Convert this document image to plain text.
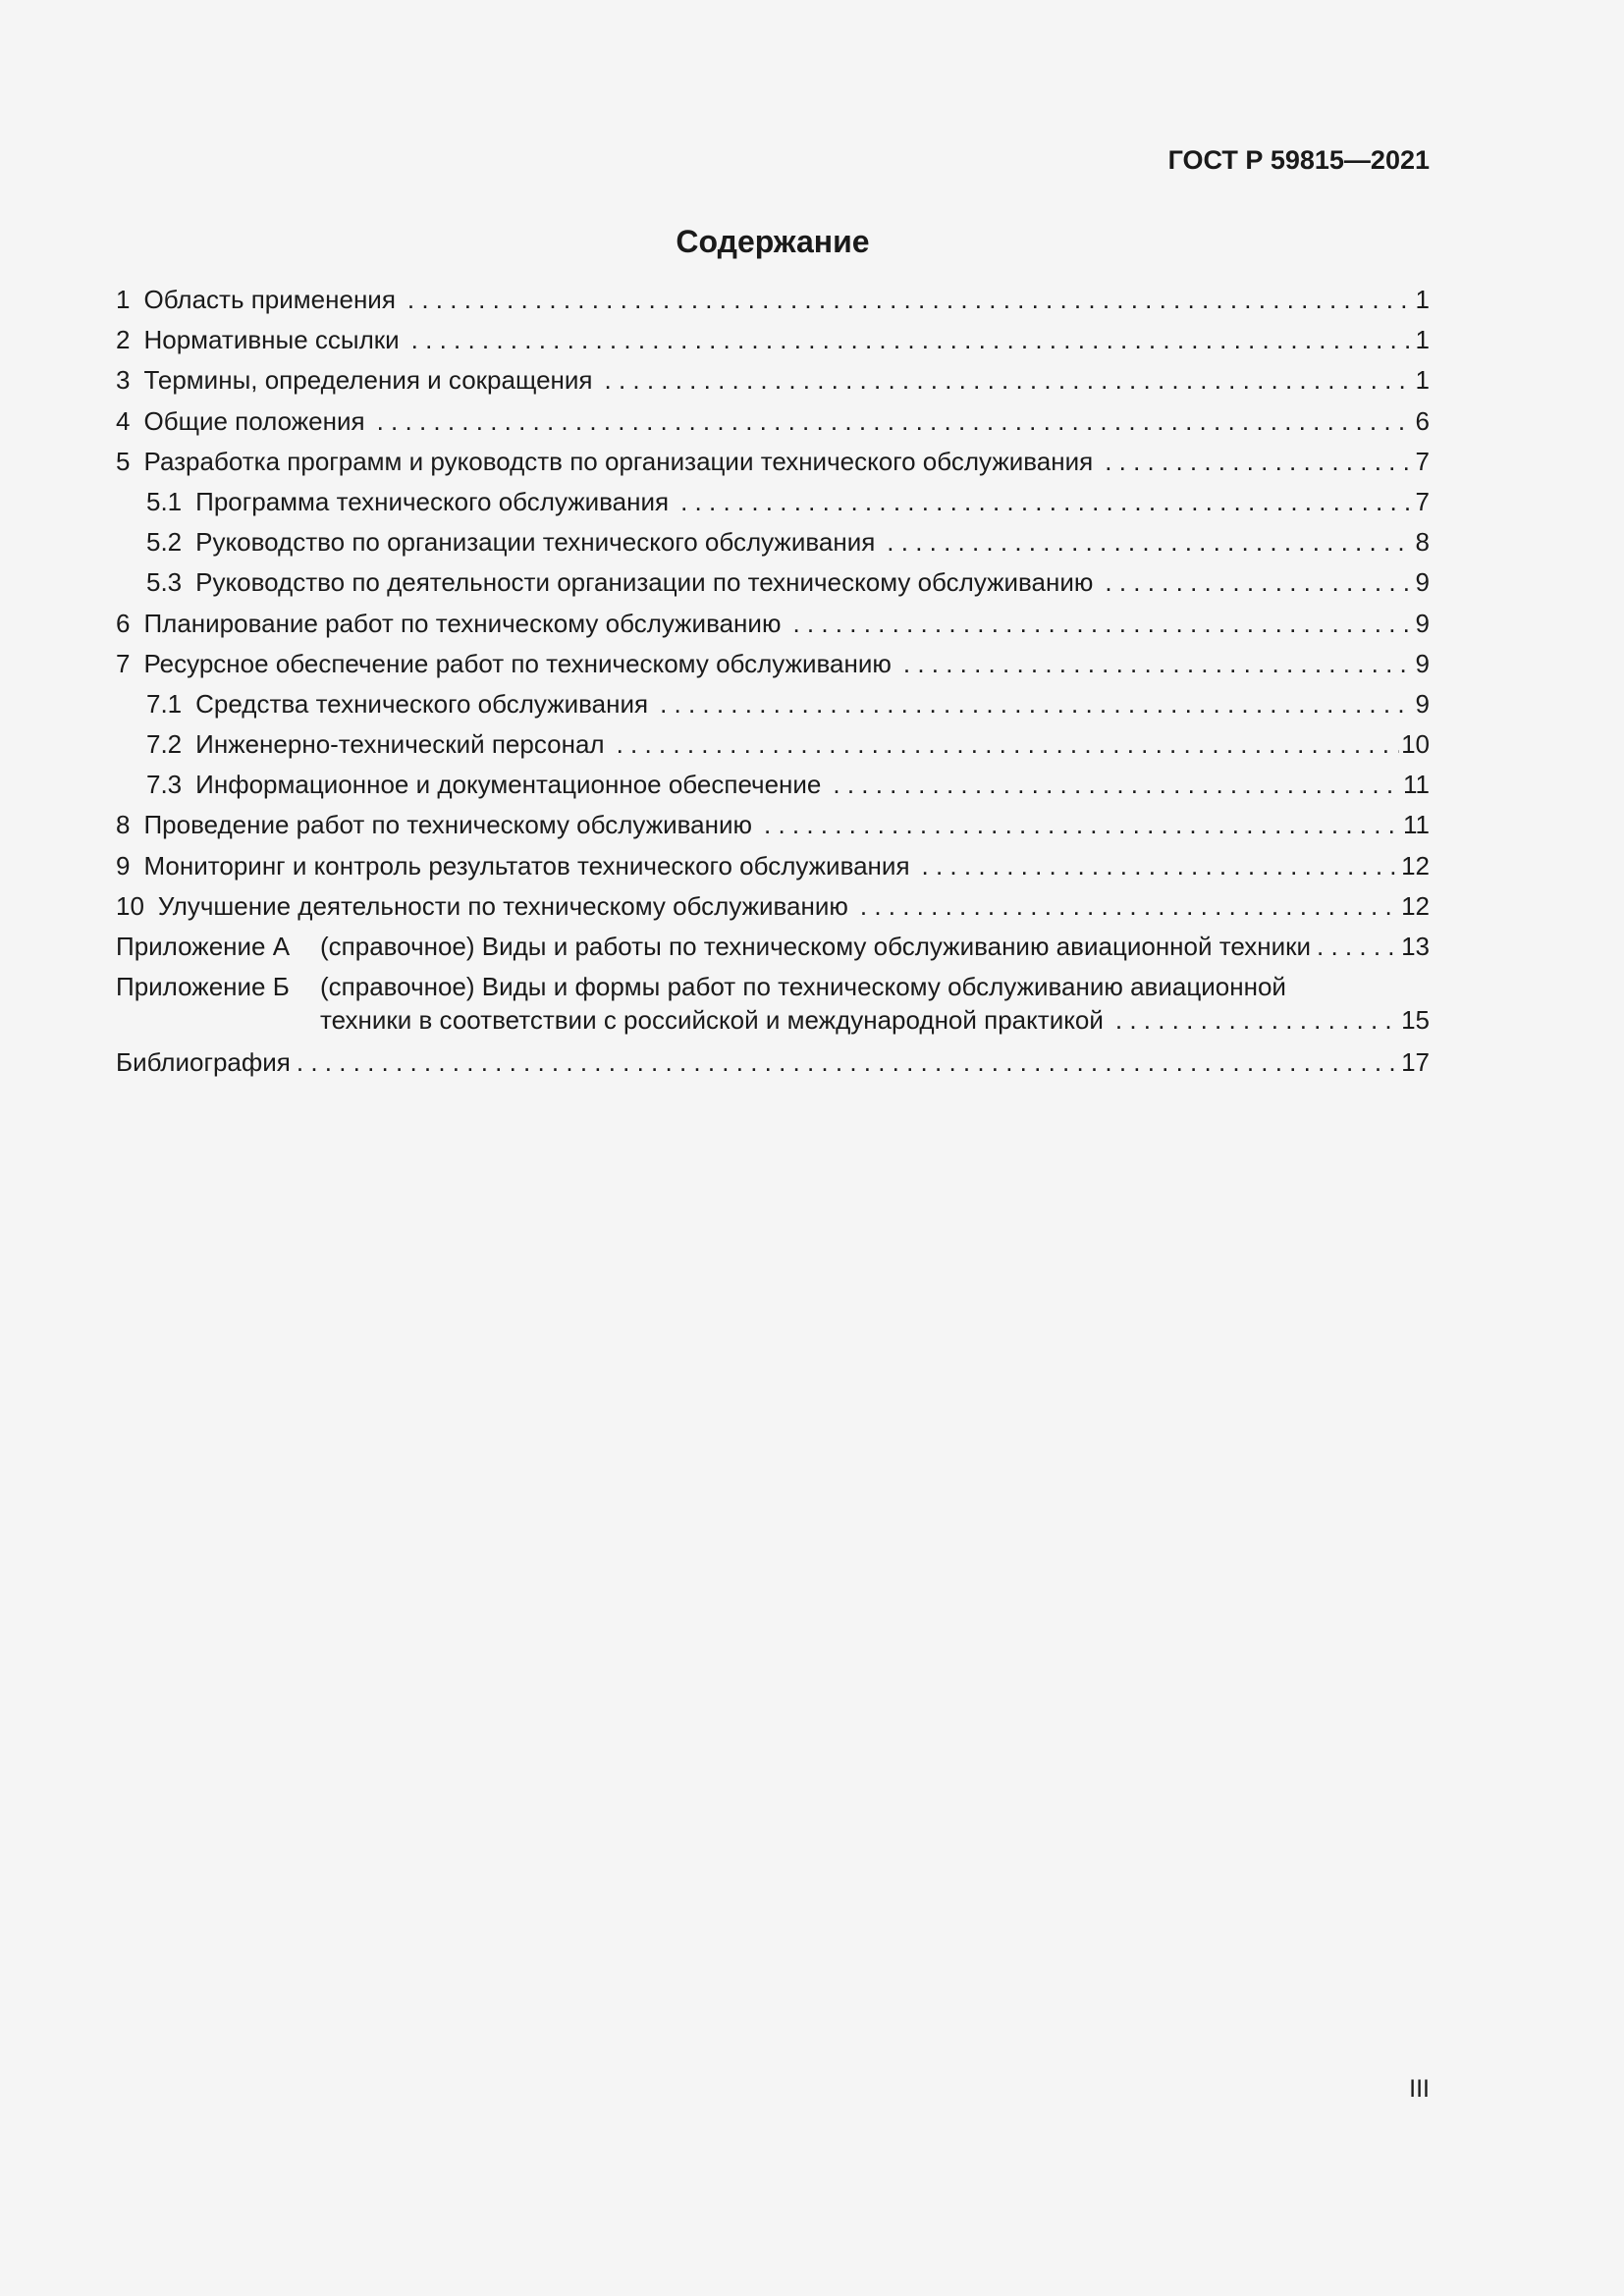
ГОСТ Р 59815—2021
Содержание
1 Область применения . . .	1
2 Нормативные ссылки . . .	1
3 Термины, определения и сокращения . . .	1
4 Общие положения . . .	6
5 Разработка программ и руководств по организации технического обслуживания . . .	7
5.1 Программа технического обслуживания . . .	7
5.2 Руководство по организации технического обслуживания . . .	8
5.3 Руководство по деятельности организации по техническому обслуживанию . . .	9
6 Планирование работ по техническому обслуживанию . . .	9
7 Ресурсное обеспечение работ по техническому обслуживанию . . .	9
7.1 Средства технического обслуживания . . .	9
7.2 Инженерно-технический персонал . . .	10
7.3 Информационное и документационное обеспечение . . .	11
8 Проведение работ по техническому обслуживанию . . .	11
9 Мониторинг и контроль результатов технического обслуживания . . .	12
10 Улучшение деятельности по техническому обслуживанию . . .	12
Приложение А	(справочное) Виды и работы по техническому обслуживанию авиационной техники . . .	13
Приложение Б	(справочное) Виды и формы работ по техническому обслуживанию авиационной
техники в соответствии с российской и международной практикой . . .	15
Библиография . . .	17
III
